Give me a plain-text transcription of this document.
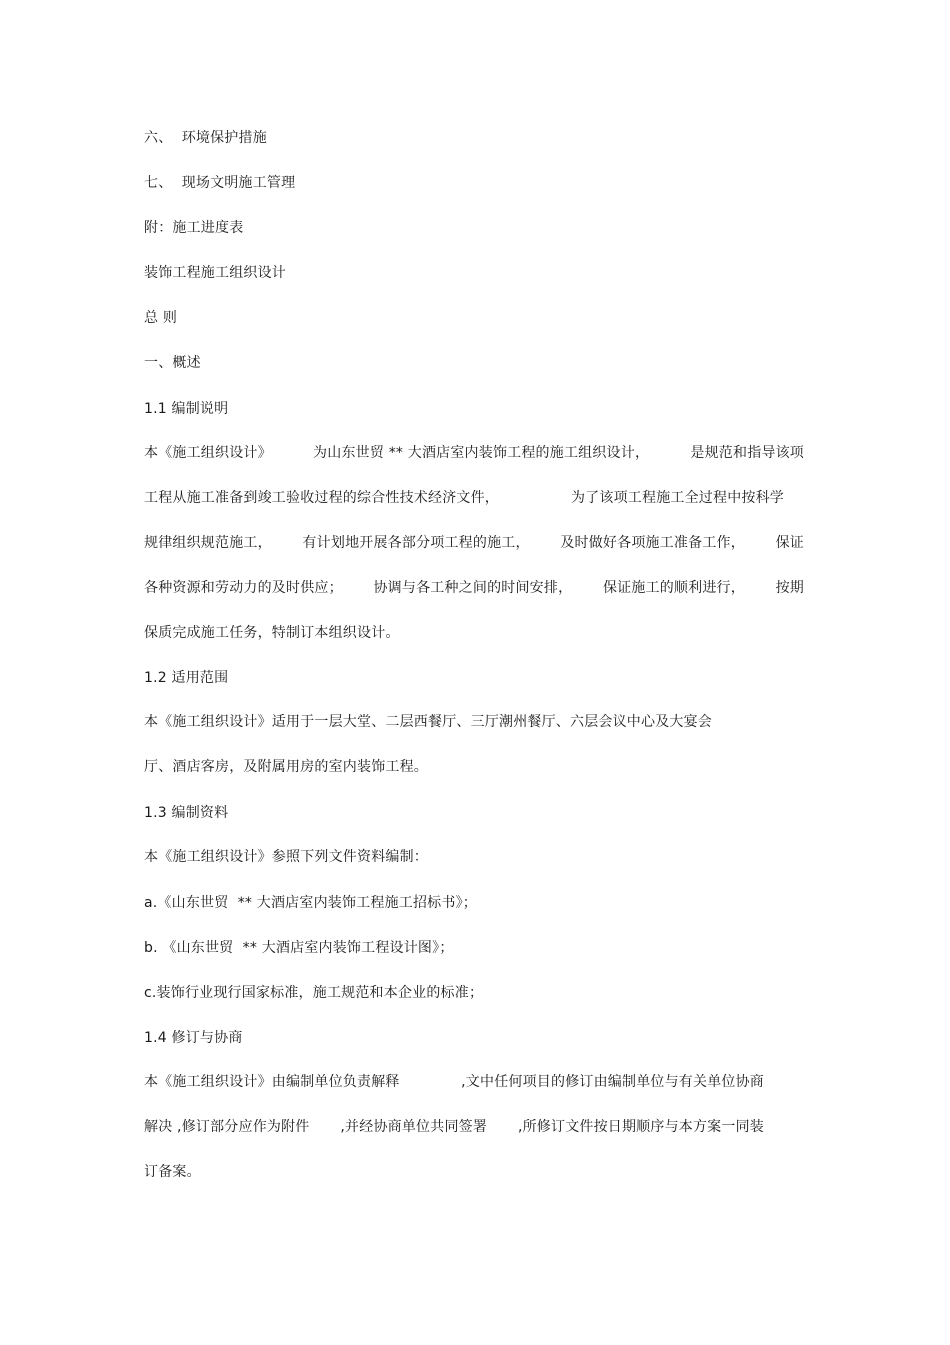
六、  环境保护措施
七、  现场文明施工管理
附：施工进度表
装饰工程施工组织设计
总 则
一、概述
1.1 编制说明
本《施工组织设计》	为山东世贸 ** 大酒店室内装饰工程的施工组织设计，	是规范和指导该项
工程从施工准备到竣工验收过程的综合性技术经济文件，	为了该项工程施工全过程中按科学
规律组织规范施工， 有计划地开展各部分项工程的施工， 及时做好各项施工准备工作， 保证
各种资源和劳动力的及时供应； 协调与各工种之间的时间安排， 保证施工的顺利进行， 按期
保质完成施工任务，特制订本组织设计。
1.2 适用范围
本《施工组织设计》适用于一层大堂、二层西餐厅、三厅潮州餐厅、六层会议中心及大宴会
厅、酒店客房，及附属用房的室内装饰工程。
1.3 编制资料
本《施工组织设计》参照下列文件资料编制：
a.《山东世贸  ** 大酒店室内装饰工程施工招标书》；
b. 《山东世贸  ** 大酒店室内装饰工程设计图》；
c.装饰行业现行国家标准，施工规范和本企业的标准；
1.4 修订与协商
本《施工组织设计》由编制单位负责解释	,文中任何项目的修订由编制单位与有关单位协商
解决 ,修订部分应作为附件 ,并经协商单位共同签署 ,所修订文件按日期顺序与本方案一同装
订备案。
